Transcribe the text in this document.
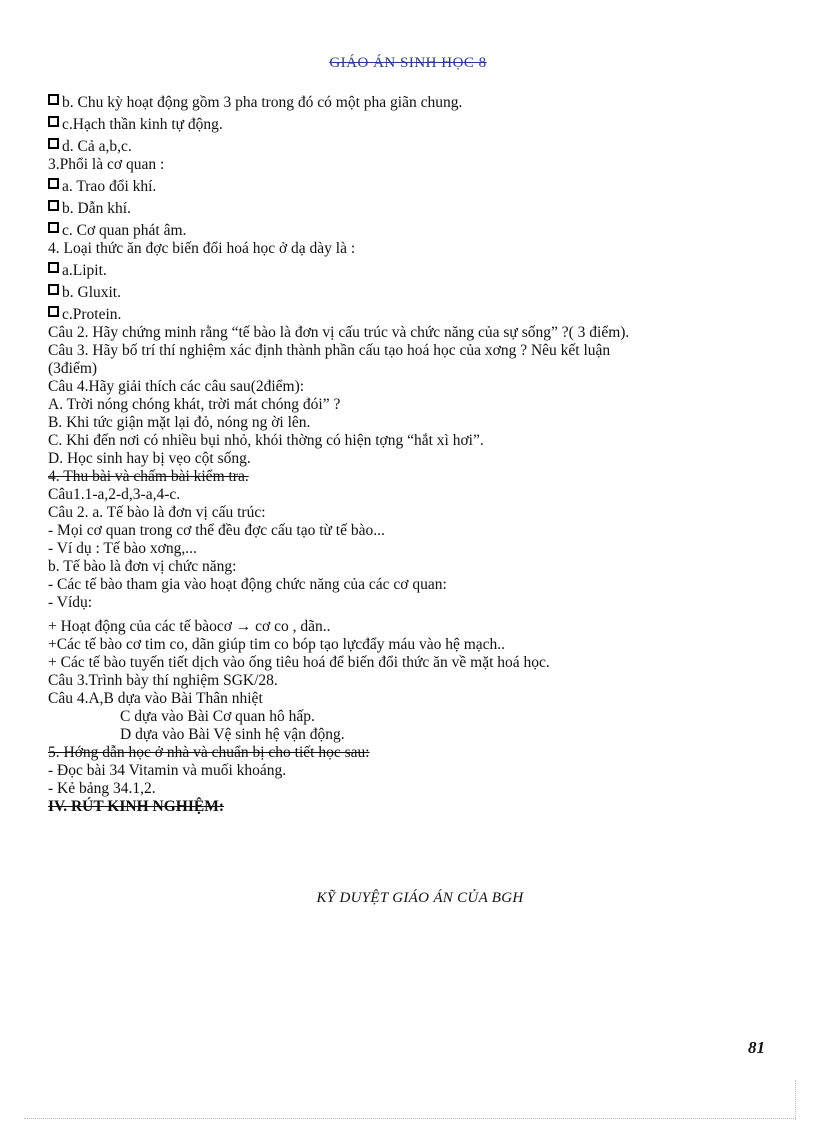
GIÁO ÁN SINH HỌC 8
b. Chu kỳ hoạt động gồm 3 pha trong đó có một pha giãn chung.
c.Hạch thần kinh tự động.
d. Cả a,b,c.
3.Phổi là cơ quan :
a. Trao đổi khí.
b. Dẫn khí.
c. Cơ quan phát âm.
4. Loại thức ăn đợc biến đổi hoá học ở dạ dày là :
a.Lipit.
b. Gluxit.
c.Protein.
Câu 2. Hãy chứng minh rằng “tế bào là đơn vị cấu trúc và chức năng của sự sống” ?( 3 điểm).
Câu 3. Hãy bố trí thí nghiệm xác định thành phần cấu tạo hoá học của xơng ? Nêu kết luận
(3điểm)
Câu 4.Hãy giải thích các câu sau(2điểm):
A. Trời nóng chóng khát, trời mát chóng đói” ?
B. Khi tức giận mặt lại đỏ, nóng ng ời lên.
C. Khi đến nơi có nhiều bụi nhỏ, khói thờng có hiện tợng “hắt xì hơi”.
D. Học sinh hay bị vẹo cột sống.
4. Thu bài và chấm bài kiểm tra.
Câu1.1-a,2-d,3-a,4-c.
Câu 2. a. Tế bào là đơn vị cấu trúc:
- Mọi cơ quan trong cơ thể đều đợc cấu tạo từ tế bào...
- Ví dụ : Tế bào xơng,...
b. Tế bào là đơn vị chức năng:
- Các tế bào tham gia vào hoạt động chức năng của các cơ quan:
- Vídụ:
+ Hoạt động của các tế bàocơ → cơ co , dãn..
+Các tế bào cơ tim co, dãn giúp tim co bóp tạo lựcđẩy máu vào hệ mạch..
+ Các tế bào tuyến tiết dịch vào ống tiêu hoá để biến đổi thức ăn về mặt hoá học.
Câu 3.Trình bày thí nghiệm SGK/28.
Câu 4.A,B dựa vào Bài Thân nhiệt
C dựa vào Bài Cơ quan hô hấp.
D dựa vào Bài Vệ sinh hệ vận động.
5. Hớng dẫn học ở nhà và chuẩn bị cho tiết học sau:
- Đọc bài 34 Vitamin và muối khoáng.
- Kẻ bảng 34.1,2.
IV. RÚT KINH NGHIỆM:
KỸ DUYỆT GIÁO ÁN CỦA BGH
81
